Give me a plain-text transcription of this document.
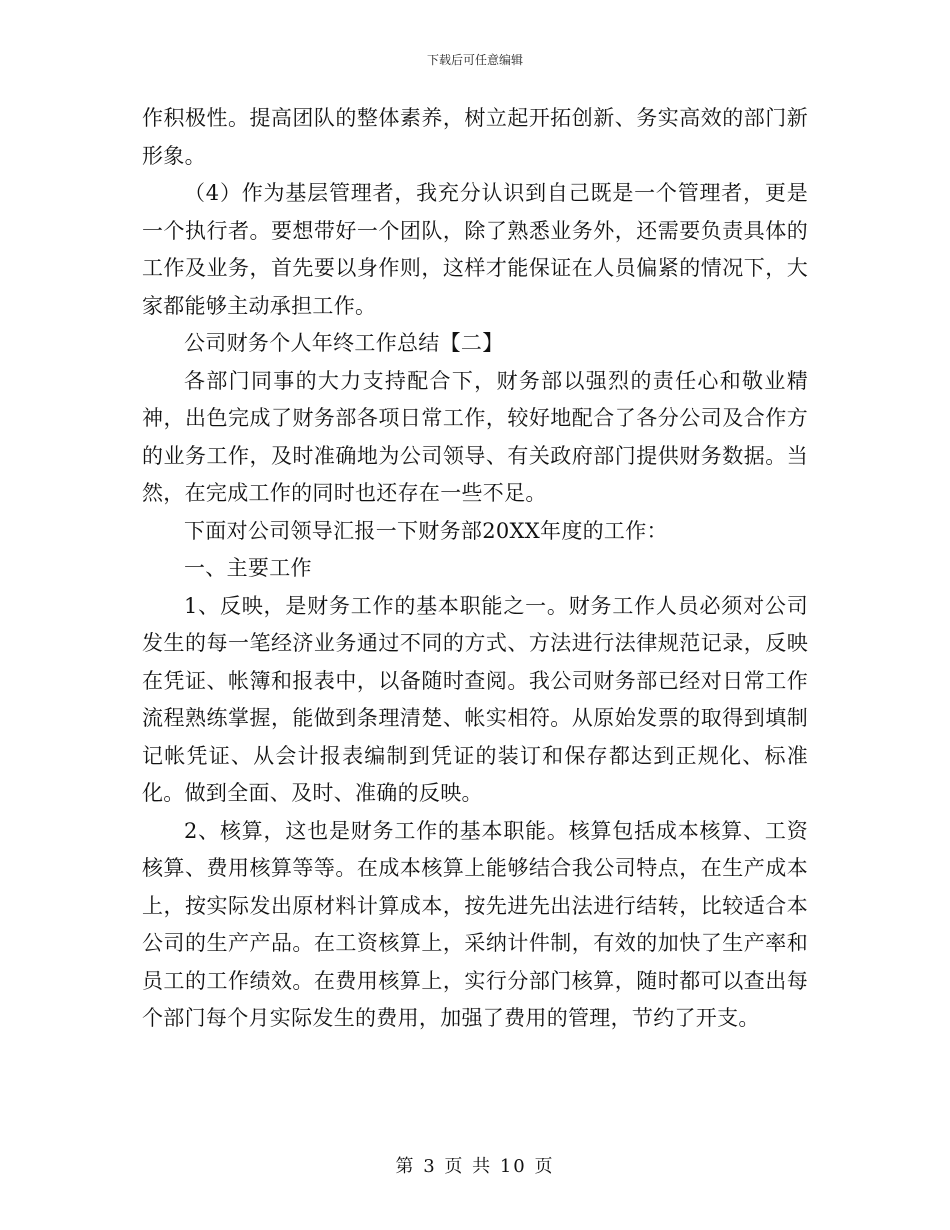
下载后可任意编辑

作积极性。提高团队的整体素养，树立起开拓创新、务实高效的部门新形象。

（4）作为基层管理者，我充分认识到自己既是一个管理者，更是一个执行者。要想带好一个团队，除了熟悉业务外，还需要负责具体的工作及业务，首先要以身作则，这样才能保证在人员偏紧的情况下，大家都能够主动承担工作。

公司财务个人年终工作总结【二】

各部门同事的大力支持配合下，财务部以强烈的责任心和敬业精神，出色完成了财务部各项日常工作，较好地配合了各分公司及合作方的业务工作，及时准确地为公司领导、有关政府部门提供财务数据。当然，在完成工作的同时也还存在一些不足。

下面对公司领导汇报一下财务部20XX年度的工作：

一、主要工作

1、反映，是财务工作的基本职能之一。财务工作人员必须对公司发生的每一笔经济业务通过不同的方式、方法进行法律规范记录，反映在凭证、帐簿和报表中，以备随时查阅。我公司财务部已经对日常工作流程熟练掌握，能做到条理清楚、帐实相符。从原始发票的取得到填制记帐凭证、从会计报表编制到凭证的装订和保存都达到正规化、标准化。做到全面、及时、准确的反映。

2、核算，这也是财务工作的基本职能。核算包括成本核算、工资核算、费用核算等等。在成本核算上能够结合我公司特点，在生产成本上，按实际发出原材料计算成本，按先进先出法进行结转，比较适合本公司的生产产品。在工资核算上，采纳计件制，有效的加快了生产率和员工的工作绩效。在费用核算上，实行分部门核算，随时都可以查出每个部门每个月实际发生的费用，加强了费用的管理，节约了开支。

第 3 页 共 10 页
